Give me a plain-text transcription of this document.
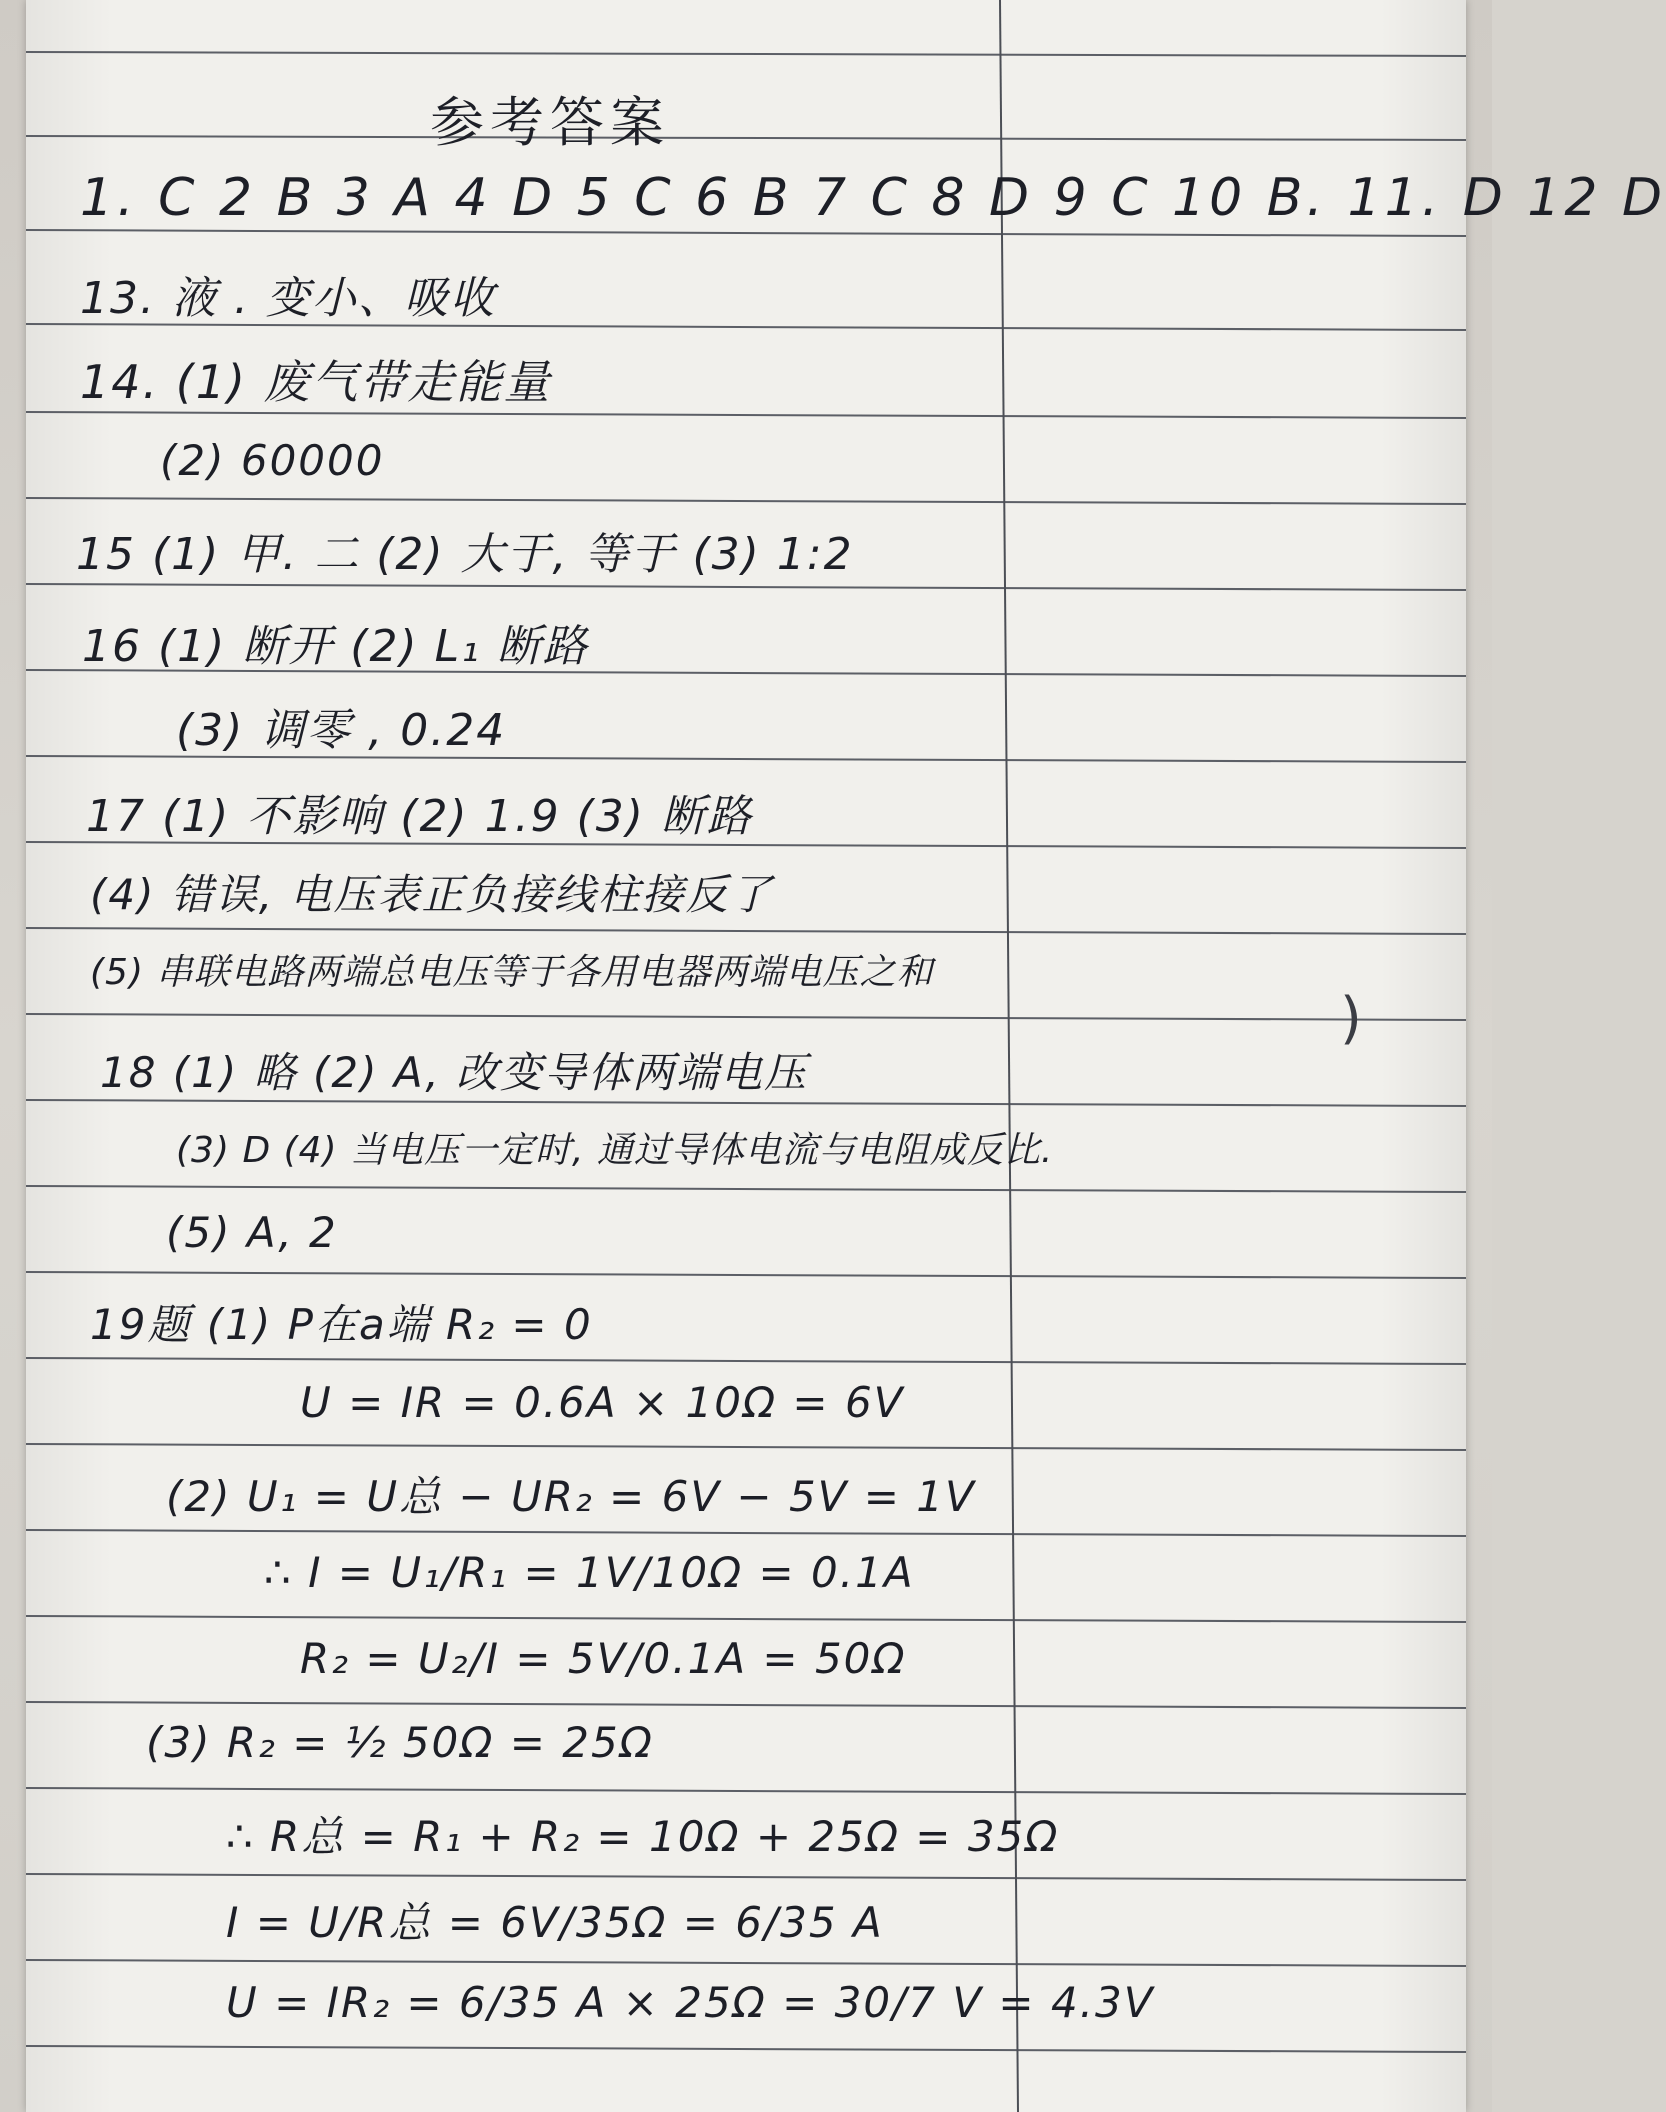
参考答案
1. C 2 B 3 A 4 D 5 C 6 B 7 C 8 D 9 C 10 B. 11. D 12 D
13. 液 . 变小、吸收
14. (1) 废气带走能量
(2) 60000
15 (1) 甲. 二 (2) 大于, 等于 (3) 1:2
16 (1) 断开 (2) L₁ 断路
(3) 调零 , 0.24
17 (1) 不影响 (2) 1.9 (3) 断路
(4) 错误, 电压表正负接线柱接反了
(5) 串联电路两端总电压等于各用电器两端电压之和
18 (1) 略 (2) A, 改变导体两端电压
(3) D (4) 当电压一定时, 通过导体电流与电阻成反比.
(5) A, 2
19题 (1) P在a端 R₂ = 0
U = IR = 0.6A × 10Ω = 6V
(2) U₁ = U总 − UR₂ = 6V − 5V = 1V
∴ I = U₁/R₁ = 1V/10Ω = 0.1A
R₂ = U₂/I = 5V/0.1A = 50Ω
(3) R₂ = ½ 50Ω = 25Ω
∴ R总 = R₁ + R₂ = 10Ω + 25Ω = 35Ω
I = U/R总 = 6V/35Ω = 6/35 A
U = IR₂ = 6/35 A × 25Ω = 30/7 V = 4.3V
)
